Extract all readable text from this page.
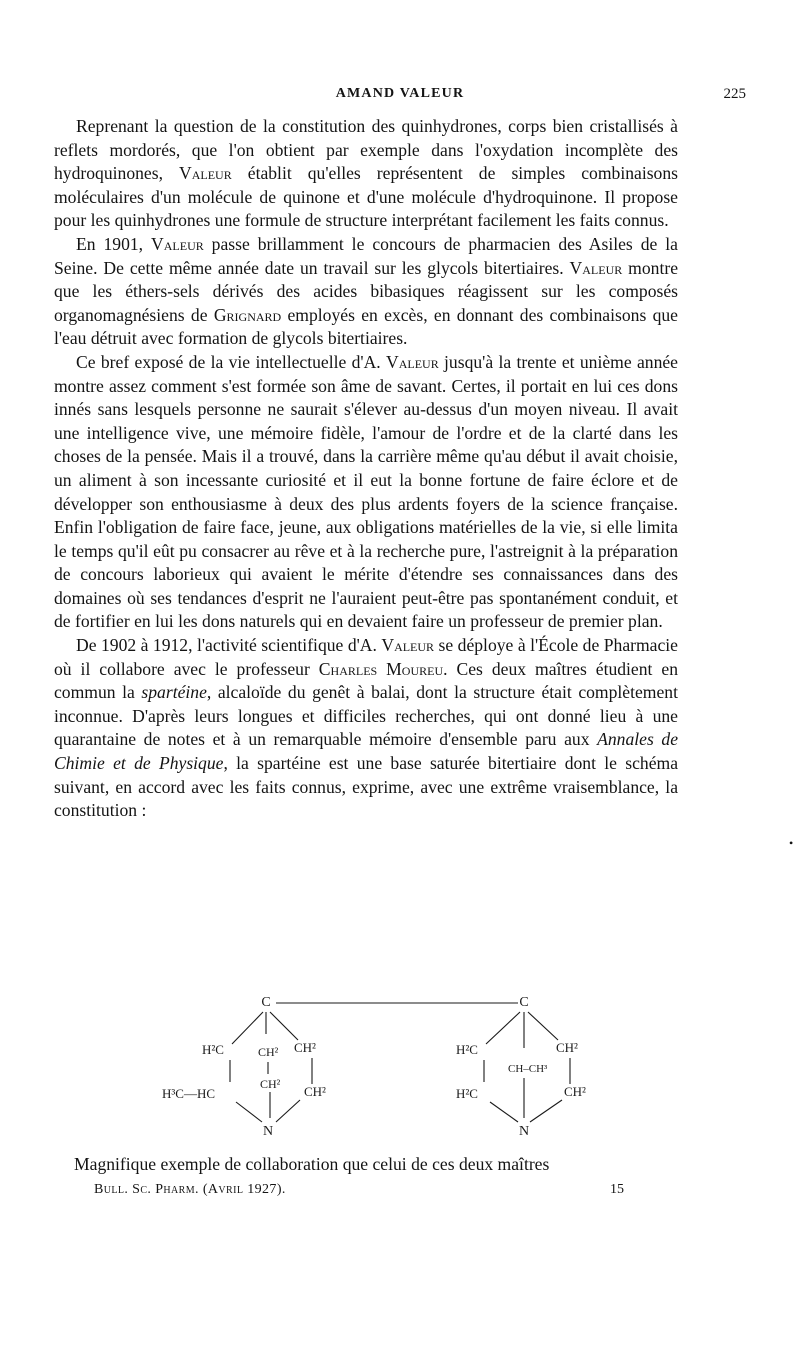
AMAND VALEUR	225

Reprenant la question de la constitution des quinhydrones, corps bien cristallisés à reflets mordorés, que l'on obtient par exemple dans l'oxydation incomplète des hydroquinones, Valeur établit qu'elles représentent de simples combinaisons moléculaires d'un molécule de quinone et d'une molécule d'hydroquinone. Il propose pour les quinhydrones une formule de structure interprétant facilement les faits connus.

En 1901, Valeur passe brillamment le concours de pharmacien des Asiles de la Seine. De cette même année date un travail sur les glycols bitertiaires. Valeur montre que les éthers-sels dérivés des acides bibasiques réagissent sur les composés organomagnésiens de Grignard employés en excès, en donnant des combinaisons que l'eau détruit avec formation de glycols bitertiaires.

Ce bref exposé de la vie intellectuelle d'A. Valeur jusqu'à la trente et unième année montre assez comment s'est formée son âme de savant. Certes, il portait en lui ces dons innés sans lesquels personne ne saurait s'élever au-dessus d'un moyen niveau. Il avait une intelligence vive, une mémoire fidèle, l'amour de l'ordre et de la clarté dans les choses de la pensée. Mais il a trouvé, dans la carrière même qu'au début il avait choisie, un aliment à son incessante curiosité et il eut la bonne fortune de faire éclore et de développer son enthousiasme à deux des plus ardents foyers de la science française. Enfin l'obligation de faire face, jeune, aux obligations matérielles de la vie, si elle limita le temps qu'il eût pu consacrer au rêve et à la recherche pure, l'astreignit à la préparation de concours laborieux qui avaient le mérite d'étendre ses connaissances dans des domaines où ses tendances d'esprit ne l'auraient peut-être pas spontanément conduit, et de fortifier en lui les dons naturels qui en devaient faire un professeur de premier plan.

De 1902 à 1912, l'activité scientifique d'A. Valeur se déploye à l'École de Pharmacie où il collabore avec le professeur Charles Moureu. Ces deux maîtres étudient en commun la spartéine, alcaloïde du genêt à balai, dont la structure était complètement inconnue. D'après leurs longues et difficiles recherches, qui ont donné lieu à une quarantaine de notes et à un remarquable mémoire d'ensemble paru aux Annales de Chimie et de Physique, la spartéine est une base saturée bitertiaire dont le schéma suivant, en accord avec les faits connus, exprime, avec une extrême vraisemblance, la constitution :

C
H²C	CH² CH²
CH²
H³C—HC	CH²
N
C
H²C	CH²
CH–CH³
H²C	CH²
N
Magnifique exemple de collaboration que celui de ces deux maîtres
Bull. Sc. Pharm. (Avril 1927).	15
•
